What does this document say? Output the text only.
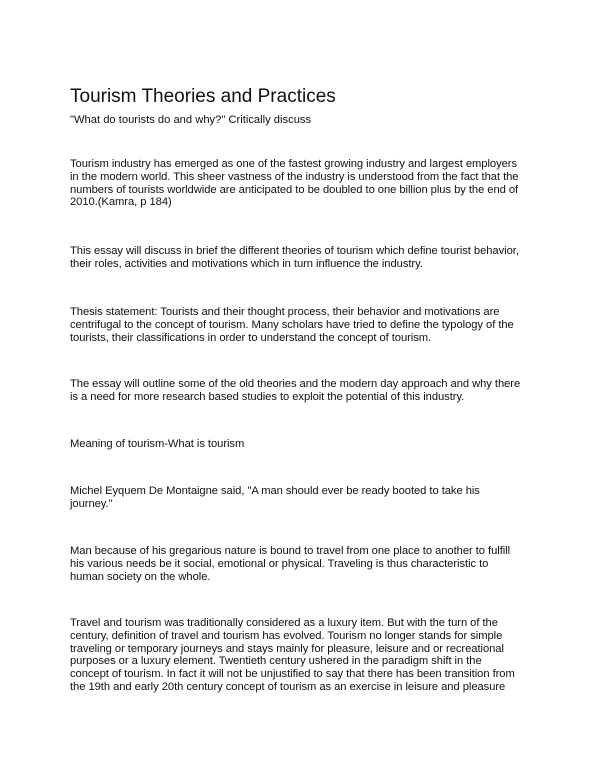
Tourism Theories and Practices

"What do tourists do and why?" Critically discuss

Tourism industry has emerged as one of the fastest growing industry and largest employers
in the modern world. This sheer vastness of the industry is understood from the fact that the
numbers of tourists worldwide are anticipated to be doubled to one billion plus by the end of
2010.(Kamra, p 184)

This essay will discuss in brief the different theories of tourism which define tourist behavior,
their roles, activities and motivations which in turn influence the industry.

Thesis statement: Tourists and their thought process, their behavior and motivations are
centrifugal to the concept of tourism. Many scholars have tried to define the typology of the
tourists, their classifications in order to understand the concept of tourism.

The essay will outline some of the old theories and the modern day approach and why there
is a need for more research based studies to exploit the potential of this industry.

Meaning of tourism-What is tourism

Michel Eyquem De Montaigne said, "A man should ever be ready booted to take his
journey."

Man because of his gregarious nature is bound to travel from one place to another to fulfill
his various needs be it social, emotional or physical. Traveling is thus characteristic to
human society on the whole.

Travel and tourism was traditionally considered as a luxury item. But with the turn of the
century, definition of travel and tourism has evolved. Tourism no longer stands for simple
traveling or temporary journeys and stays mainly for pleasure, leisure and or recreational
purposes or a luxury element. Twentieth century ushered in the paradigm shift in the
concept of tourism. In fact it will not be unjustified to say that there has been transition from
the 19th and early 20th century concept of tourism as an exercise in leisure and pleasure
